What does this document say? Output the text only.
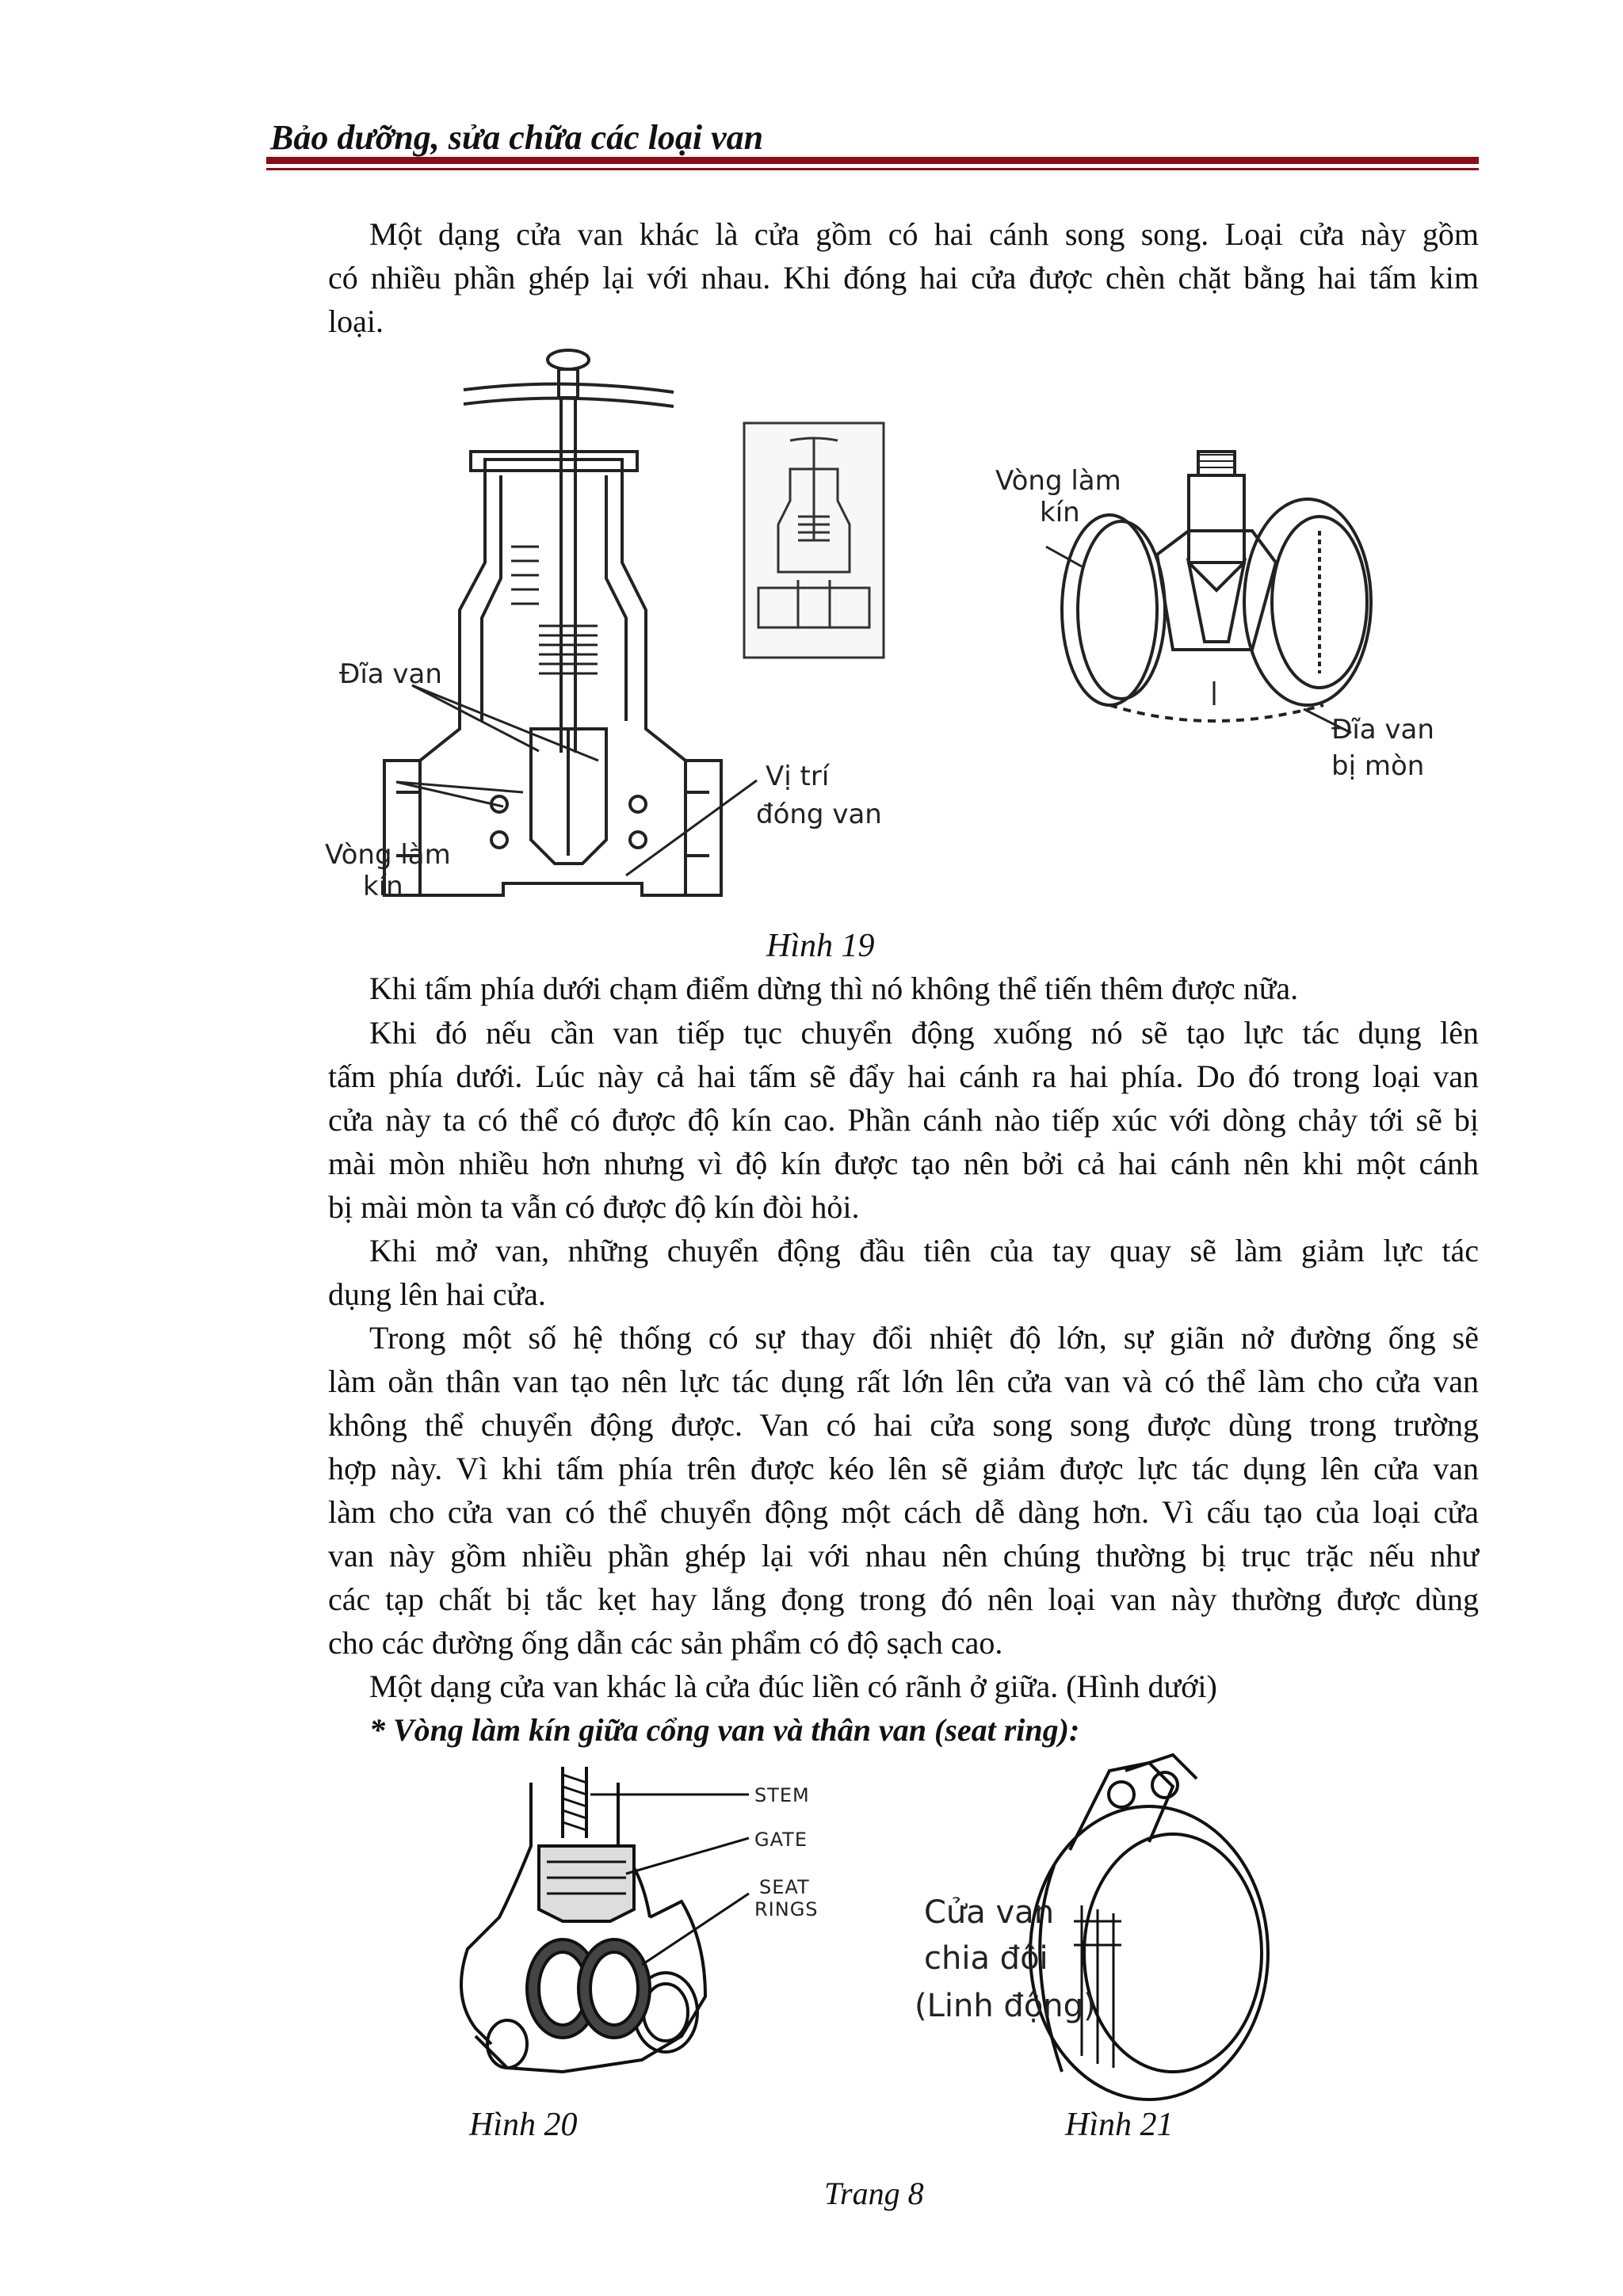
Bảo dưỡng, sửa chữa các loại van
Một dạng cửa van khác là cửa gồm có hai cánh song song. Loại cửa này gồm
có nhiều phần ghép lại với nhau. Khi đóng hai cửa được chèn chặt bằng hai tấm kim
loại.
Đĩa van
Vòng làm
kín
Vị trí
đóng van
Vòng làm
kín
Đĩa van
bị mòn
Hình 19
Khi tấm phía dưới chạm điểm dừng thì nó không thể tiến thêm được nữa.
Khi đó nếu cần van tiếp tục chuyển động xuống nó sẽ tạo lực tác dụng lên
tấm phía dưới. Lúc này cả hai tấm sẽ đẩy hai cánh ra hai phía. Do đó trong loại van
cửa này ta có thể có được độ kín cao. Phần cánh nào tiếp xúc với dòng chảy tới sẽ bị
mài mòn nhiều hơn nhưng vì độ kín được tạo nên bởi cả hai cánh nên khi một cánh
bị mài mòn ta vẫn có được độ kín đòi hỏi.
Khi mở van, những chuyển động đầu tiên của tay quay sẽ làm giảm lực tác
dụng lên hai cửa.
Trong một số hệ thống có sự thay đổi nhiệt độ lớn, sự giãn nở đường ống sẽ
làm oằn thân van tạo nên lực tác dụng rất lớn lên cửa van và có thể làm cho cửa van
không thể chuyển động được. Van có hai cửa song song được dùng trong trường
hợp này. Vì khi tấm phía trên được kéo lên sẽ giảm được lực tác dụng lên cửa van
làm cho cửa van có thể chuyển động một cách dễ dàng hơn. Vì cấu tạo của loại cửa
van này gồm nhiều phần ghép lại với nhau nên chúng thường bị trục trặc nếu như
các tạp chất bị tắc kẹt hay lắng đọng trong đó nên loại van này thường được dùng
cho các đường ống dẫn các sản phẩm có độ sạch cao.
Một dạng cửa van khác là cửa đúc liền có rãnh ở giữa. (Hình dưới)
* Vòng làm kín giữa cổng van và thân van (seat ring):
STEM
GATE
SEAT
RINGS	Cửa van
chia đôi
(Linh động)
Hình 20	Hình 21
Trang 8
